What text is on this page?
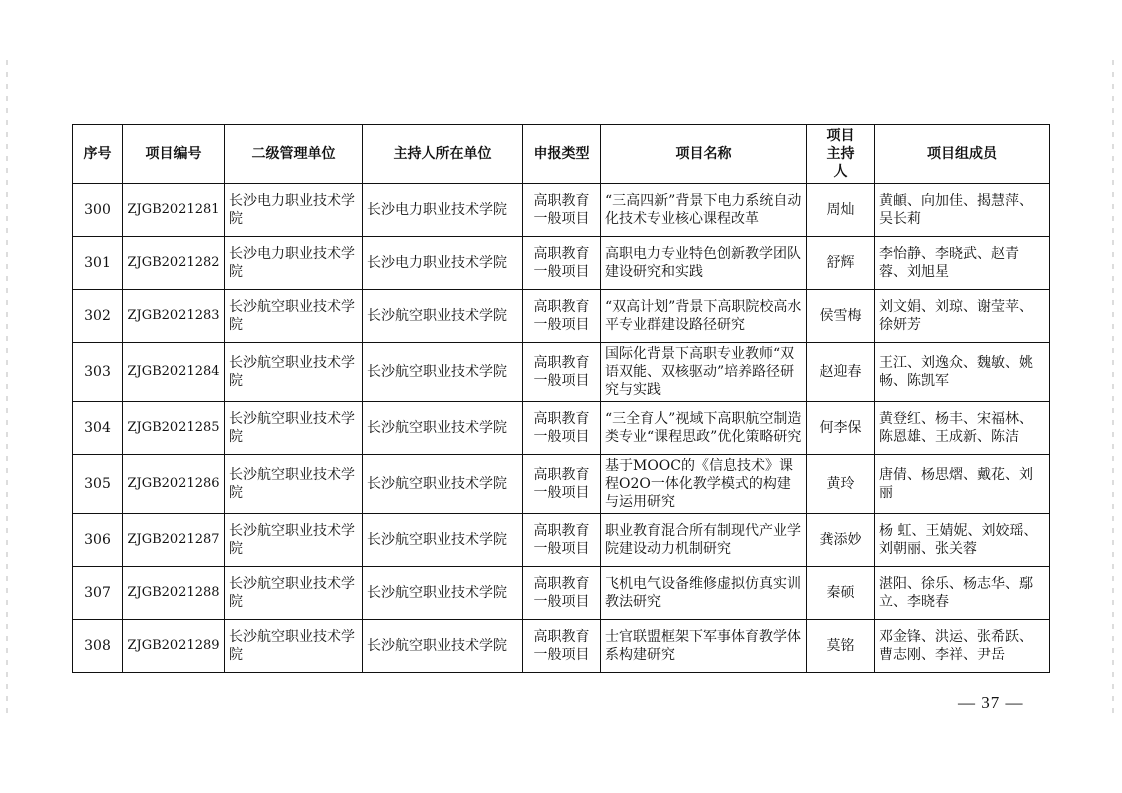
序号	项目编号	二级管理单位	主持人所在单位	申报类型	项目名称	项目主持人	项目组成员
300	ZJGB2021281	长沙电力职业技术学院	长沙电力职业技术学院	高职教育一般项目	“三高四新”背景下电力系统自动化技术专业核心课程改革	周灿	黄頔、向加佳、揭慧萍、吴长莉
301	ZJGB2021282	长沙电力职业技术学院	长沙电力职业技术学院	高职教育一般项目	高职电力专业特色创新教学团队建设研究和实践	舒辉	李怡静、李晓武、赵青蓉、刘旭星
302	ZJGB2021283	长沙航空职业技术学院	长沙航空职业技术学院	高职教育一般项目	“双高计划”背景下高职院校高水平专业群建设路径研究	侯雪梅	刘文娟、刘琼、谢莹苹、徐妍芳
303	ZJGB2021284	长沙航空职业技术学院	长沙航空职业技术学院	高职教育一般项目	国际化背景下高职专业教师“双语双能、双核驱动”培养路径研究与实践	赵迎春	王江、刘逸众、魏敏、姚畅、陈凯军
304	ZJGB2021285	长沙航空职业技术学院	长沙航空职业技术学院	高职教育一般项目	“三全育人”视域下高职航空制造类专业“课程思政”优化策略研究	何李保	黄登红、杨丰、宋福林、陈恩雄、王成新、陈洁
305	ZJGB2021286	长沙航空职业技术学院	长沙航空职业技术学院	高职教育一般项目	基于MOOC的《信息技术》课程O2O一体化教学模式的构建与运用研究	黄玲	唐倩、杨思熠、戴花、刘丽
306	ZJGB2021287	长沙航空职业技术学院	长沙航空职业技术学院	高职教育一般项目	职业教育混合所有制现代产业学院建设动力机制研究	龚添妙	杨 虹、王婧妮、刘姣瑶、刘朝丽、张关蓉
307	ZJGB2021288	长沙航空职业技术学院	长沙航空职业技术学院	高职教育一般项目	飞机电气设备维修虚拟仿真实训教法研究	秦硕	湛阳、徐乐、杨志华、鄢立、李晓春
308	ZJGB2021289	长沙航空职业技术学院	长沙航空职业技术学院	高职教育一般项目	士官联盟框架下军事体育教学体系构建研究	莫铭	邓金锋、洪运、张希跃、曹志刚、李祥、尹岳
— 37 —
